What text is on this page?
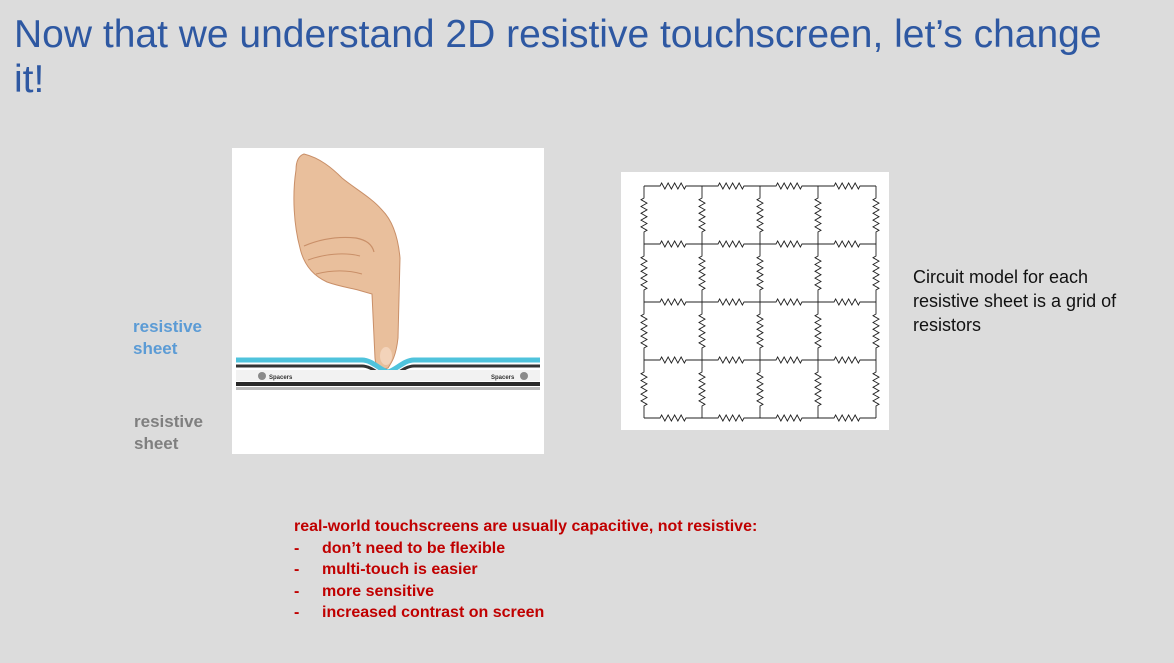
Now that we understand 2D resistive touchscreen, let’s change it!
resistive sheet
resistive sheet
Spacers	Spacers
Circuit model for each resistive sheet is a grid of resistors
real-world touchscreens are usually capacitive, not resistive:
- don’t need to be flexible
- multi-touch is easier
- more sensitive
- increased contrast on screen
